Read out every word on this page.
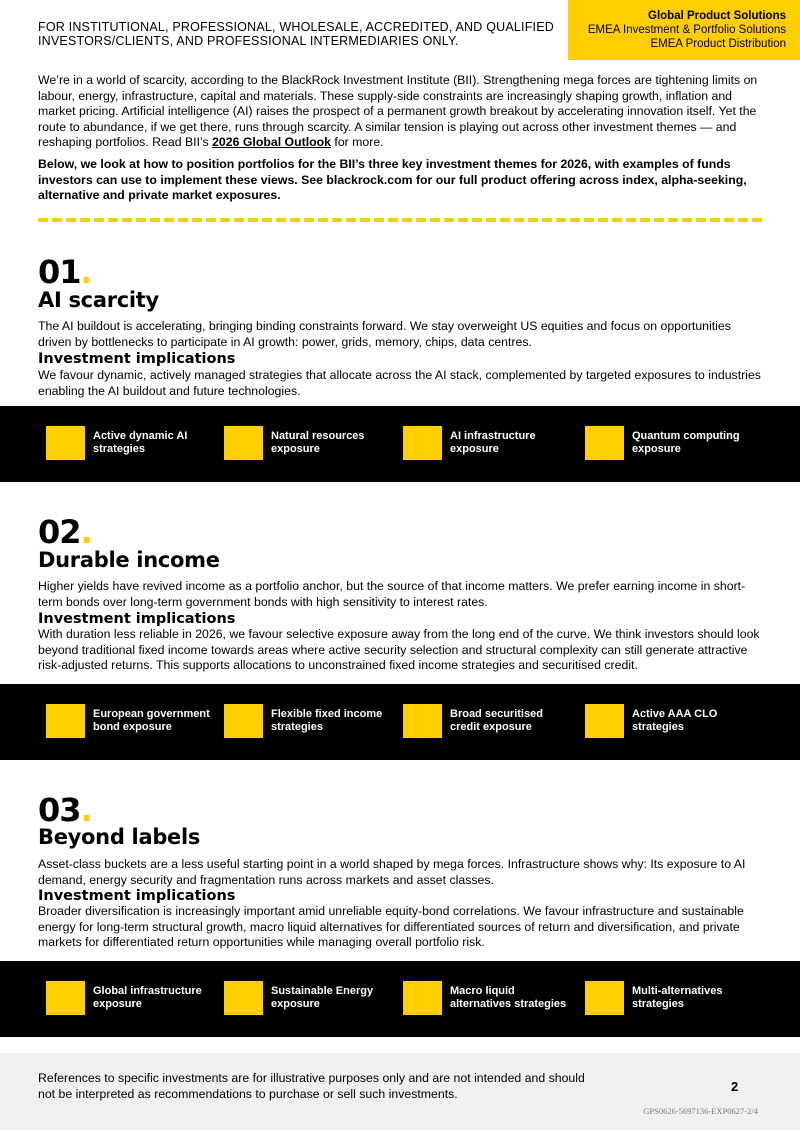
FOR INSTITUTIONAL, PROFESSIONAL, WHOLESALE, ACCREDITED, AND QUALIFIED INVESTORS/CLIENTS, AND PROFESSIONAL INTERMEDIARIES ONLY.
Global Product Solutions
EMEA Investment & Portfolio Solutions
EMEA Product Distribution

We’re in a world of scarcity, according to the BlackRock Investment Institute (BII). Strengthening mega forces are tightening limits on labour, energy, infrastructure, capital and materials. These supply-side constraints are increasingly shaping growth, inflation and market pricing. Artificial intelligence (AI) raises the prospect of a permanent growth breakout by accelerating innovation itself. Yet the route to abundance, if we get there, runs through scarcity. A similar tension is playing out across other investment themes — and reshaping portfolios. Read BII’s 2026 Global Outlook for more.

Below, we look at how to position portfolios for the BII’s three key investment themes for 2026, with examples of funds investors can use to implement these views. See blackrock.com for our full product offering across index, alpha-seeking, alternative and private market exposures.

01.
AI scarcity
The AI buildout is accelerating, bringing binding constraints forward. We stay overweight US equities and focus on opportunities driven by bottlenecks to participate in AI growth: power, grids, memory, chips, data centres.
Investment implications
We favour dynamic, actively managed strategies that allocate across the AI stack, complemented by targeted exposures to industries enabling the AI buildout and future technologies.
Active dynamic AI strategies
Natural resources exposure
AI infrastructure exposure
Quantum computing exposure
02.
Durable income
Higher yields have revived income as a portfolio anchor, but the source of that income matters. We prefer earning income in short-term bonds over long-term government bonds with high sensitivity to interest rates.
Investment implications
With duration less reliable in 2026, we favour selective exposure away from the long end of the curve. We think investors should look beyond traditional fixed income towards areas where active security selection and structural complexity can still generate attractive risk-adjusted returns. This supports allocations to unconstrained fixed income strategies and securitised credit.
European government bond exposure
Flexible fixed income strategies
Broad securitised credit exposure
Active AAA CLO strategies
03.
Beyond labels
Asset-class buckets are a less useful starting point in a world shaped by mega forces. Infrastructure shows why: Its exposure to AI demand, energy security and fragmentation runs across markets and asset classes.
Investment implications
Broader diversification is increasingly important amid unreliable equity-bond correlations. We favour infrastructure and sustainable energy for long-term structural growth, macro liquid alternatives for differentiated sources of return and diversification, and private markets for differentiated return opportunities while managing overall portfolio risk.
Global infrastructure exposure
Sustainable Energy exposure
Macro liquid alternatives strategies
Multi-alternatives strategies
References to specific investments are for illustrative purposes only and are not intended and should not be interpreted as recommendations to purchase or sell such investments.	2
GPS0626-5697136-EXP0627-2/4
